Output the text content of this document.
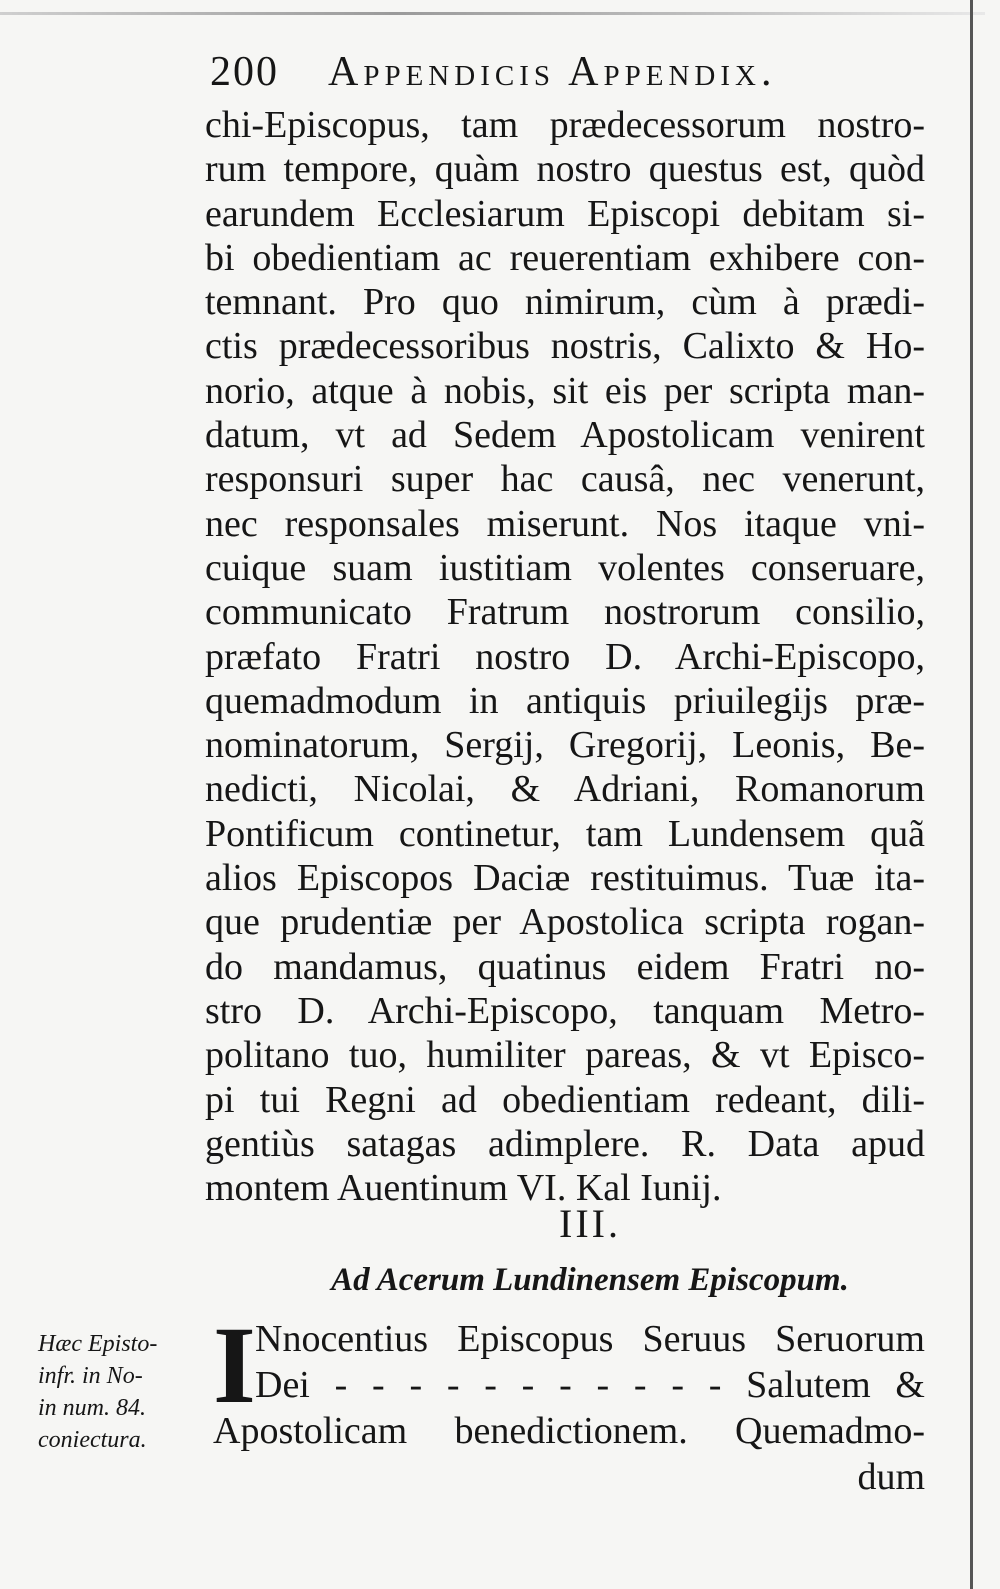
200 Appendicis Appendix.
chi-Episcopus, tam prædecessorum nostro-
rum tempore, quàm nostro questus est, quòd
earundem Ecclesiarum Episcopi debitam si-
bi obedientiam ac reuerentiam exhibere con-
temnant. Pro quo nimirum, cùm à prædi-
ctis prædecessoribus nostris, Calixto & Ho-
norio, atque à nobis, sit eis per scripta man-
datum, vt ad Sedem Apostolicam venirent
responsuri super hac causâ, nec venerunt,
nec responsales miserunt. Nos itaque vni-
cuique suam iustitiam volentes conseruare,
communicato Fratrum nostrorum consilio,
præfato Fratri nostro D. Archi-Episcopo,
quemadmodum in antiquis priuilegijs præ-
nominatorum, Sergij, Gregorij, Leonis, Be-
nedicti, Nicolai, & Adriani, Romanorum
Pontificum continetur, tam Lundensem quã
alios Episcopos Daciæ restituimus. Tuæ ita-
que prudentiæ per Apostolica scripta rogan-
do mandamus, quatinus eidem Fratri no-
stro D. Archi-Episcopo, tanquam Metro-
politano tuo, humiliter pareas, & vt Episco-
pi tui Regni ad obedientiam redeant, dili-
gentiùs satagas adimplere. R. Data apud
montem Auentinum VI. Kal Iunij.
III.
Ad Acerum Lundinensem Episcopum.
I Nnocentius Episcopus Seruus Seruorum
Dei - - - - - - - - - - - Salutem &
Apostolicam benedictionem. Quemadmo-
dum
Hæc Episto-
infr. in No-
in num. 84.
coniectura.
